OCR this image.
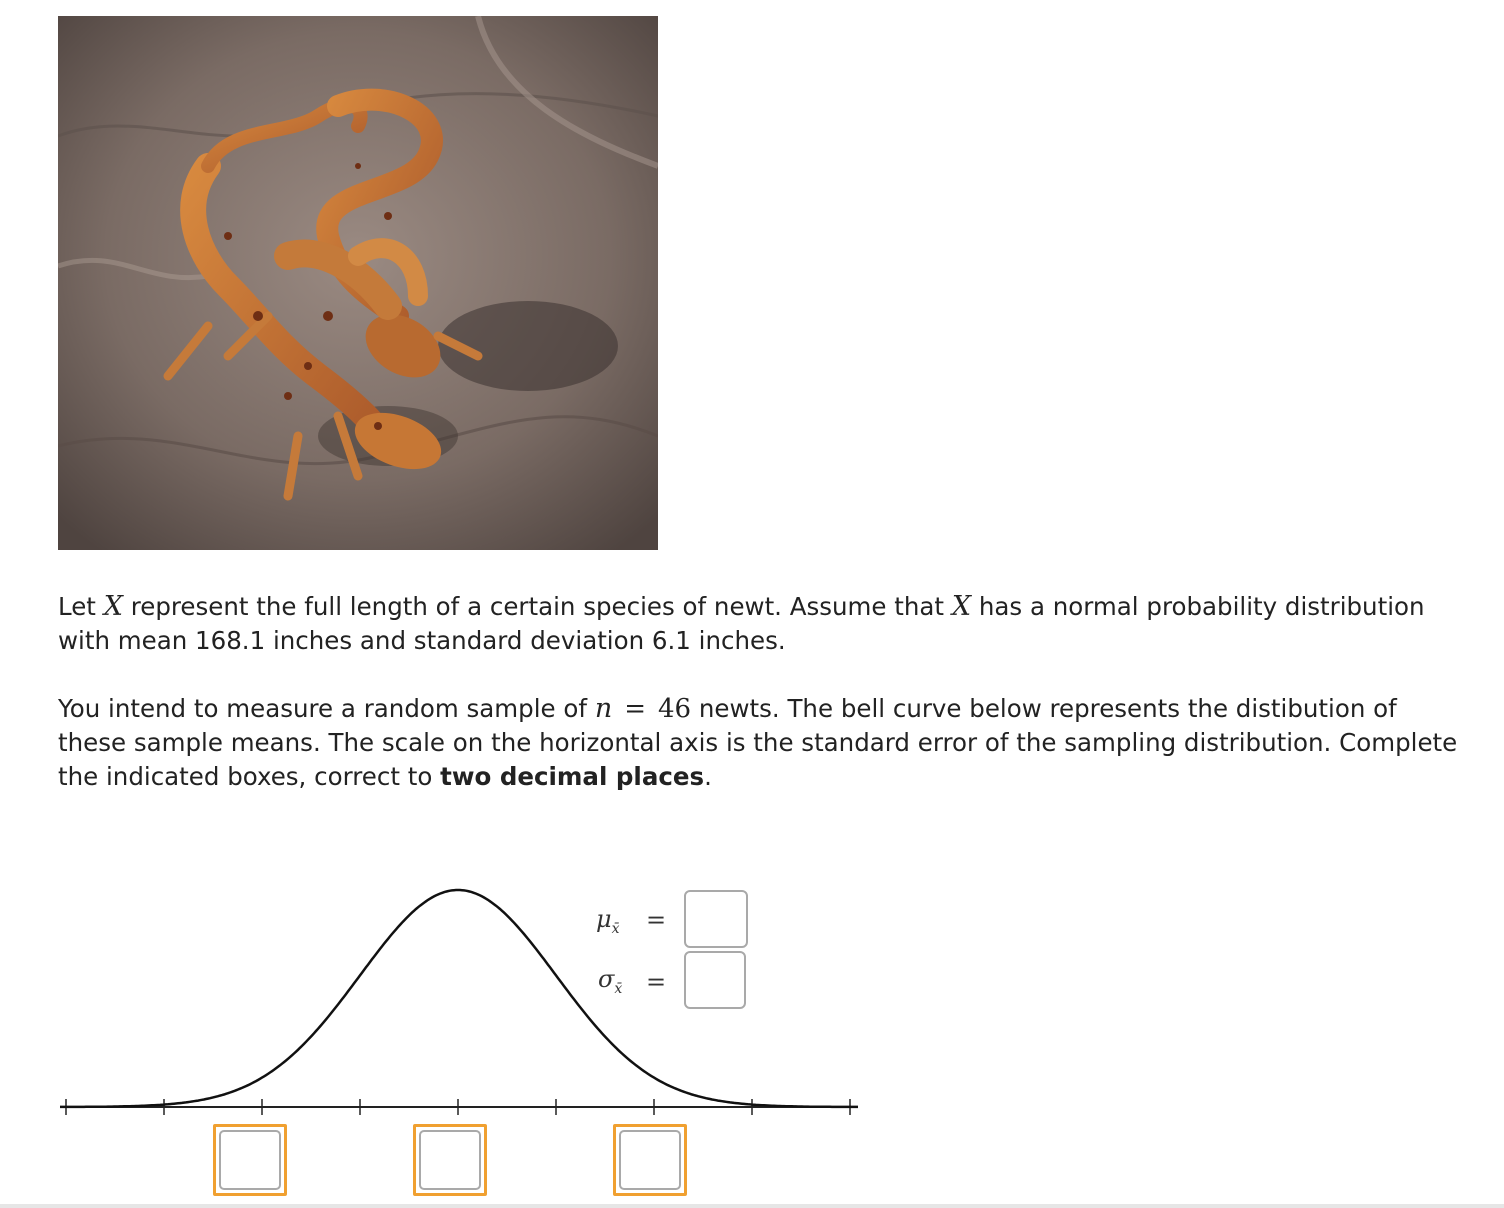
Let X represent the full length of a certain species of newt. Assume that X has a normal probability distribution with mean 168.1 inches and standard deviation 6.1 inches.

You intend to measure a random sample of n = 46 newts. The bell curve below represents the distibution of these sample means. The scale on the horizontal axis is the standard error of the sampling distribution. Complete the indicated boxes, correct to two decimal places.

$\mu_{x̄}$ =
$\sigma_{x̄}$ =
